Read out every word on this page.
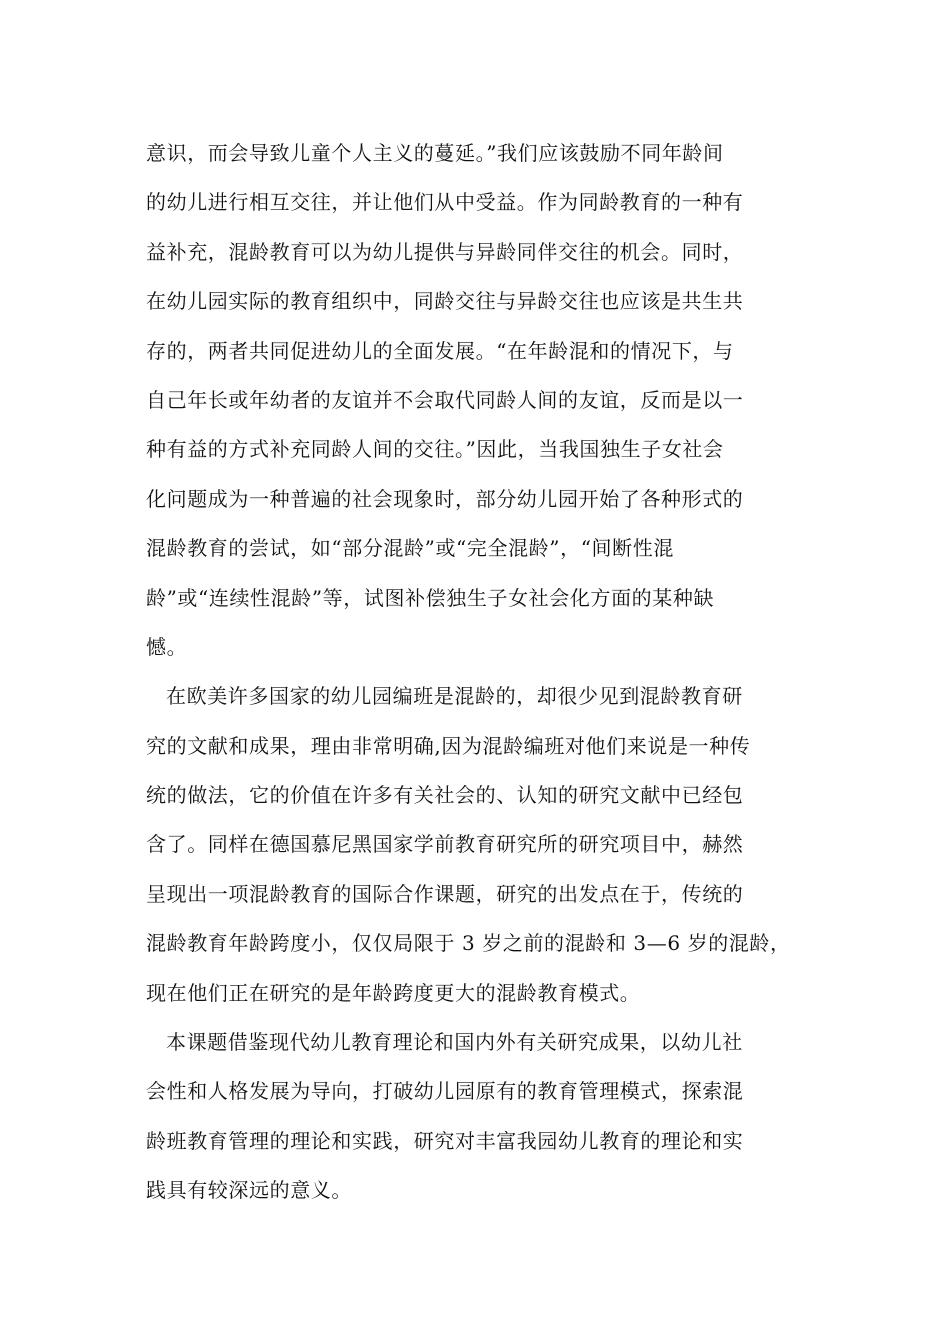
意识，而会导致儿童个人主义的蔓延。”我们应该鼓励不同年龄间
的幼儿进行相互交往，并让他们从中受益。作为同龄教育的一种有
益补充，混龄教育可以为幼儿提供与异龄同伴交往的机会。同时，
在幼儿园实际的教育组织中，同龄交往与异龄交往也应该是共生共
存的，两者共同促进幼儿的全面发展。“在年龄混和的情况下，与
自己年长或年幼者的友谊并不会取代同龄人间的友谊，反而是以一
种有益的方式补充同龄人间的交往。”因此，当我国独生子女社会
化问题成为一种普遍的社会现象时，部分幼儿园开始了各种形式的
混龄教育的尝试，如“部分混龄”或“完全混龄”，“间断性混
龄”或“连续性混龄”等，试图补偿独生子女社会化方面的某种缺
憾。
在欧美许多国家的幼儿园编班是混龄的，却很少见到混龄教育研
究的文献和成果，理由非常明确,因为混龄编班对他们来说是一种传
统的做法，它的价值在许多有关社会的、认知的研究文献中已经包
含了。同样在德国慕尼黑国家学前教育研究所的研究项目中，赫然
呈现出一项混龄教育的国际合作课题，研究的出发点在于，传统的
混龄教育年龄跨度小，仅仅局限于 3 岁之前的混龄和 3—6 岁的混龄，
现在他们正在研究的是年龄跨度更大的混龄教育模式。
本课题借鉴现代幼儿教育理论和国内外有关研究成果，以幼儿社
会性和人格发展为导向，打破幼儿园原有的教育管理模式，探索混
龄班教育管理的理论和实践，研究对丰富我园幼儿教育的理论和实
践具有较深远的意义。
